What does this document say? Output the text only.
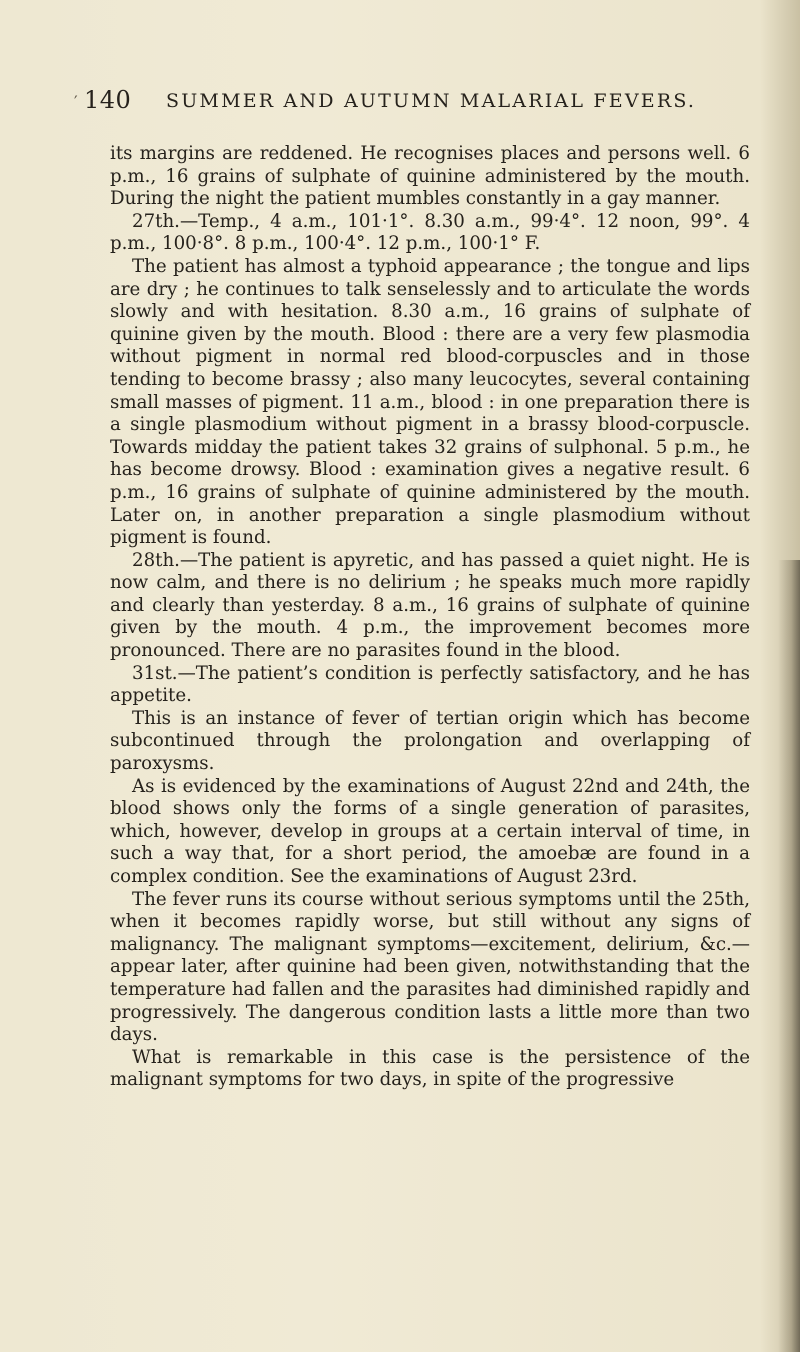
′ 140 SUMMER AND AUTUMN MALARIAL FEVERS.

its margins are reddened. He recognises places and persons well. 6 p.m., 16 grains of sulphate of quinine administered by the mouth. During the night the patient mumbles constantly in a gay manner.

27th.—Temp., 4 a.m., 101·1°. 8.30 a.m., 99·4°. 12 noon, 99°. 4 p.m., 100·8°. 8 p.m., 100·4°. 12 p.m., 100·1° F.

The patient has almost a typhoid appearance ; the tongue and lips are dry ; he continues to talk senselessly and to articulate the words slowly and with hesitation. 8.30 a.m., 16 grains of sulphate of quinine given by the mouth. Blood : there are a very few plasmodia without pigment in normal red blood-corpuscles and in those tending to become brassy ; also many leucocytes, several containing small masses of pigment. 11 a.m., blood : in one preparation there is a single plasmodium without pigment in a brassy blood-corpuscle. Towards midday the patient takes 32 grains of sulphonal. 5 p.m., he has become drowsy. Blood : examination gives a negative result. 6 p.m., 16 grains of sulphate of quinine administered by the mouth. Later on, in another preparation a single plasmodium without pigment is found.

28th.—The patient is apyretic, and has passed a quiet night. He is now calm, and there is no delirium ; he speaks much more rapidly and clearly than yesterday. 8 a.m., 16 grains of sulphate of quinine given by the mouth. 4 p.m., the improvement becomes more pronounced. There are no parasites found in the blood.

31st.—The patient’s condition is perfectly satisfactory, and he has appetite.

This is an instance of fever of tertian origin which has become subcontinued through the prolongation and overlapping of paroxysms.

As is evidenced by the examinations of August 22nd and 24th, the blood shows only the forms of a single generation of parasites, which, however, develop in groups at a certain interval of time, in such a way that, for a short period, the amoebæ are found in a complex condition. See the examinations of August 23rd.

The fever runs its course without serious symptoms until the 25th, when it becomes rapidly worse, but still without any signs of malignancy. The malignant symptoms—excitement, delirium, &c.—appear later, after quinine had been given, notwithstanding that the temperature had fallen and the parasites had diminished rapidly and progressively. The dangerous condition lasts a little more than two days.

What is remarkable in this case is the persistence of the malignant symptoms for two days, in spite of the progressive
